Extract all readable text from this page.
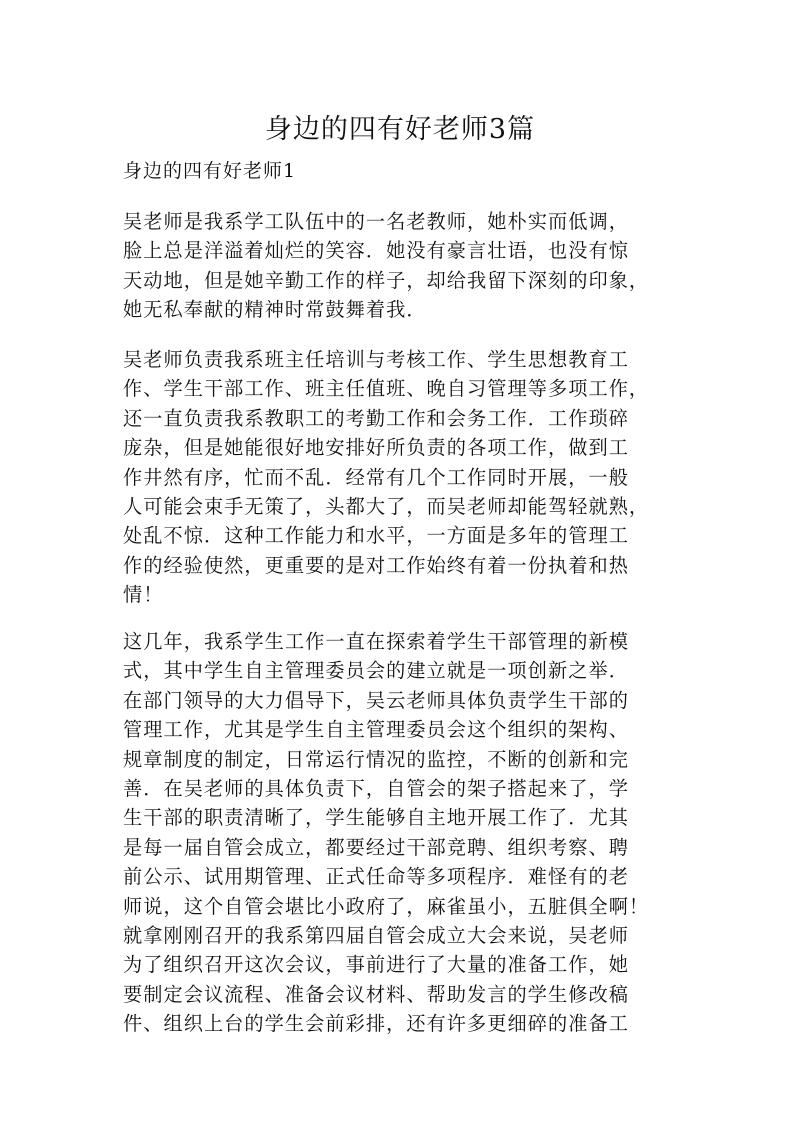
身边的四有好老师3篇

身边的四有好老师1

吴老师是我系学工队伍中的一名老教师，她朴实而低调，
脸上总是洋溢着灿烂的笑容．她没有豪言壮语，也没有惊
天动地，但是她辛勤工作的样子，却给我留下深刻的印象，
她无私奉献的精神时常鼓舞着我．
吴老师负责我系班主任培训与考核工作、学生思想教育工
作、学生干部工作、班主任值班、晚自习管理等多项工作，
还一直负责我系教职工的考勤工作和会务工作．工作琐碎
庞杂，但是她能很好地安排好所负责的各项工作，做到工
作井然有序，忙而不乱．经常有几个工作同时开展，一般
人可能会束手无策了，头都大了，而吴老师却能驾轻就熟，
处乱不惊．这种工作能力和水平，一方面是多年的管理工
作的经验使然，更重要的是对工作始终有着一份执着和热
情！
这几年，我系学生工作一直在探索着学生干部管理的新模
式，其中学生自主管理委员会的建立就是一项创新之举．
在部门领导的大力倡导下，吴云老师具体负责学生干部的
管理工作，尤其是学生自主管理委员会这个组织的架构、
规章制度的制定，日常运行情况的监控，不断的创新和完
善．在吴老师的具体负责下，自管会的架子搭起来了，学
生干部的职责清晰了，学生能够自主地开展工作了．尤其
是每一届自管会成立，都要经过干部竞聘、组织考察、聘
前公示、试用期管理、正式任命等多项程序．难怪有的老
师说，这个自管会堪比小政府了，麻雀虽小，五脏俱全啊！
就拿刚刚召开的我系第四届自管会成立大会来说，吴老师
为了组织召开这次会议，事前进行了大量的准备工作，她
要制定会议流程、准备会议材料、帮助发言的学生修改稿
件、组织上台的学生会前彩排，还有许多更细碎的准备工
